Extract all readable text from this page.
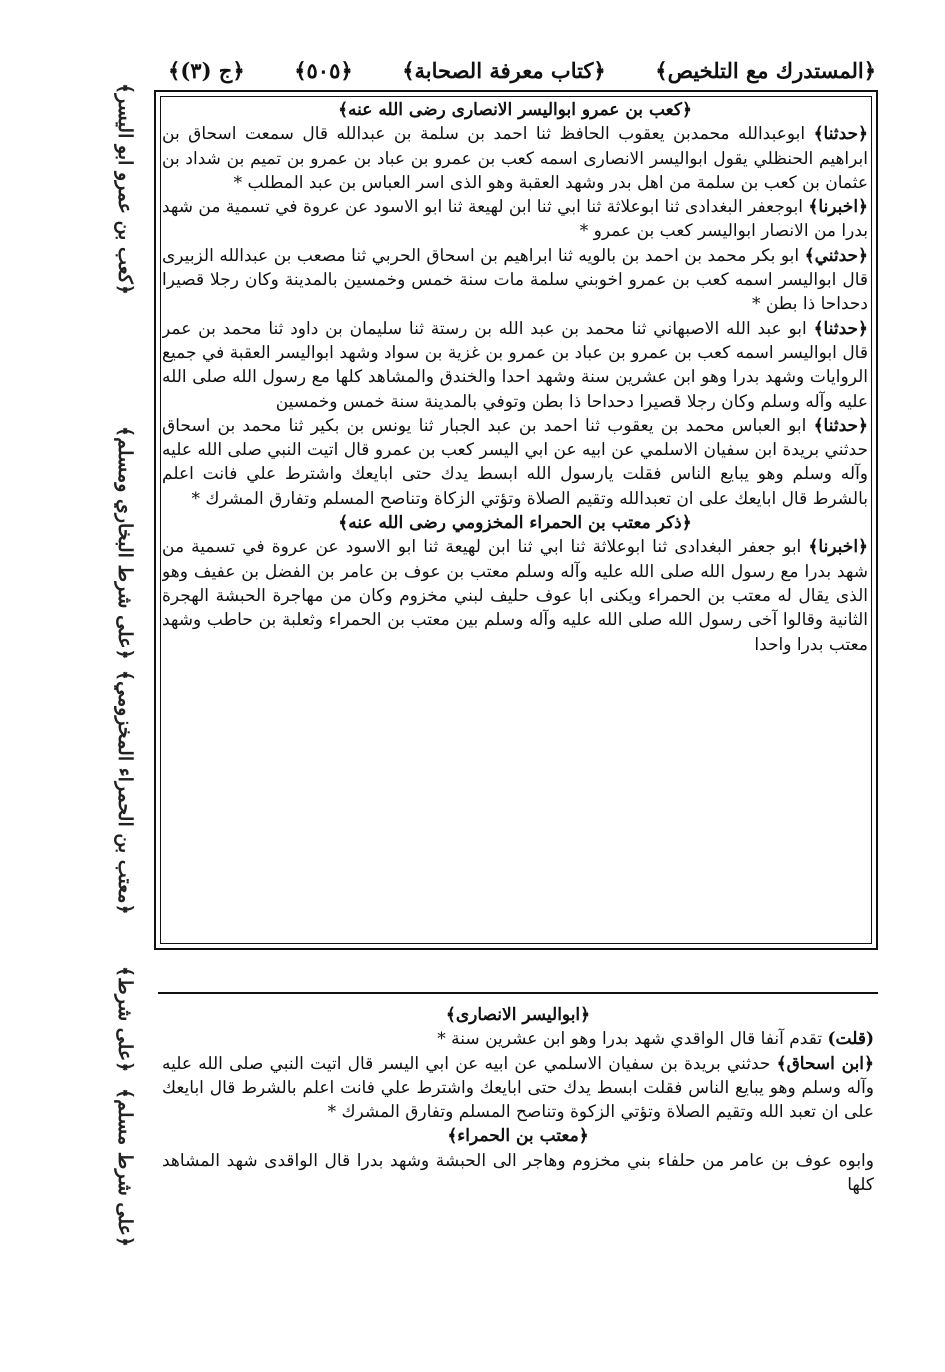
﴿المستدرك مع التلخيص﴾
﴿كتاب معرفة الصحابة﴾
﴿٥٠٥﴾
﴿ج (٣)﴾

﴿كعب بن عمرو ابواليسر الانصارى رضى الله عنه﴾

﴿حدثنا﴾ ابوعبدالله محمدبن يعقوب الحافظ ثنا احمد بن سلمة بن عبدالله قال سمعت اسحاق بن ابراهيم الحنظلي يقول ابواليسر الانصارى اسمه كعب بن عمرو بن عباد بن عمرو بن تميم بن شداد بن عثمان بن كعب بن سلمة من اهل بدر وشهد العقبة وهو الذى اسر العباس بن عبد المطلب *

﴿اخبرنا﴾ ابوجعفر البغدادى ثنا ابوعلاثة ثنا ابي ثنا ابن لهيعة ثنا ابو الاسود عن عروة في تسمية من شهد بدرا من الانصار ابواليسر كعب بن عمرو *

﴿حدثني﴾ ابو بكر محمد بن احمد بن بالويه ثنا ابراهيم بن اسحاق الحربي ثنا مصعب بن عبدالله الزبيرى قال ابواليسر اسمه كعب بن عمرو اخوبني سلمة مات سنة خمس وخمسين بالمدينة وكان رجلا قصيرا دحداحا ذا بطن *

﴿حدثنا﴾ ابو عبد الله الاصبهاني ثنا محمد بن عبد الله بن رستة ثنا سليمان بن داود ثنا محمد بن عمر قال ابواليسر اسمه كعب بن عمرو بن عباد بن عمرو بن غزية بن سواد وشهد ابواليسر العقبة في جميع الروايات وشهد بدرا وهو ابن عشرين سنة وشهد احدا والخندق والمشاهد كلها مع رسول الله صلى الله عليه وآله وسلم وكان رجلا قصيرا دحداحا ذا بطن وتوفي بالمدينة سنة خمس وخمسين

﴿حدثنا﴾ ابو العباس محمد بن يعقوب ثنا احمد بن عبد الجبار ثنا يونس بن بكير ثنا محمد بن اسحاق حدثني بريدة ابن سفيان الاسلمي عن ابيه عن ابي اليسر كعب بن عمرو قال اتيت النبي صلى الله عليه وآله وسلم وهو يبايع الناس فقلت يارسول الله ابسط يدك حتى ابايعك واشترط علي فانت اعلم بالشرط قال ابايعك على ان تعبدالله وتقيم الصلاة وتؤتي الزكاة وتناصح المسلم وتفارق المشرك *

﴿ذكر معتب بن الحمراء المخزومي رضى الله عنه﴾

﴿اخبرنا﴾ ابو جعفر البغدادى ثنا ابوعلاثة ثنا ابي ثنا ابن لهيعة ثنا ابو الاسود عن عروة في تسمية من شهد بدرا مع رسول الله صلى الله عليه وآله وسلم معتب بن عوف بن عامر بن الفضل بن عفيف وهو الذى يقال له معتب بن الحمراء ويكنى ابا عوف حليف لبني مخزوم وكان من مهاجرة الحبشة الهجرة الثانية وقالوا آخى رسول الله صلى الله عليه وآله وسلم بين معتب بن الحمراء وثعلبة بن حاطب وشهد معتب بدرا واحدا

﴿ابواليسر الانصارى﴾

(قلت) تقدم آنفا قال الواقدي شهد بدرا وهو ابن عشرين سنة *

﴿ابن اسحاق﴾ حدثني بريدة بن سفيان الاسلمي عن ابيه عن ابي اليسر قال اتيت النبي صلى الله عليه وآله وسلم وهو يبايع الناس فقلت ابسط يدك حتى ابايعك واشترط علي فانت اعلم بالشرط قال ابايعك على ان تعبد الله وتقيم الصلاة وتؤتي الزكوة وتناصح المسلم وتفارق المشرك *

﴿معتب بن الحمراء﴾

وابوه عوف بن عامر من حلفاء بني مخزوم وهاجر الى الحبشة وشهد بدرا قال الواقدى شهد المشاهد كلها

﴿كعب بن عمرو ابو اليسر﴾
﴿على شرط البخاري ومسلم﴾
﴿معتب بن الحمراء المخزومي﴾
﴿على شرط﴾
﴿على شرط مسلم﴾
